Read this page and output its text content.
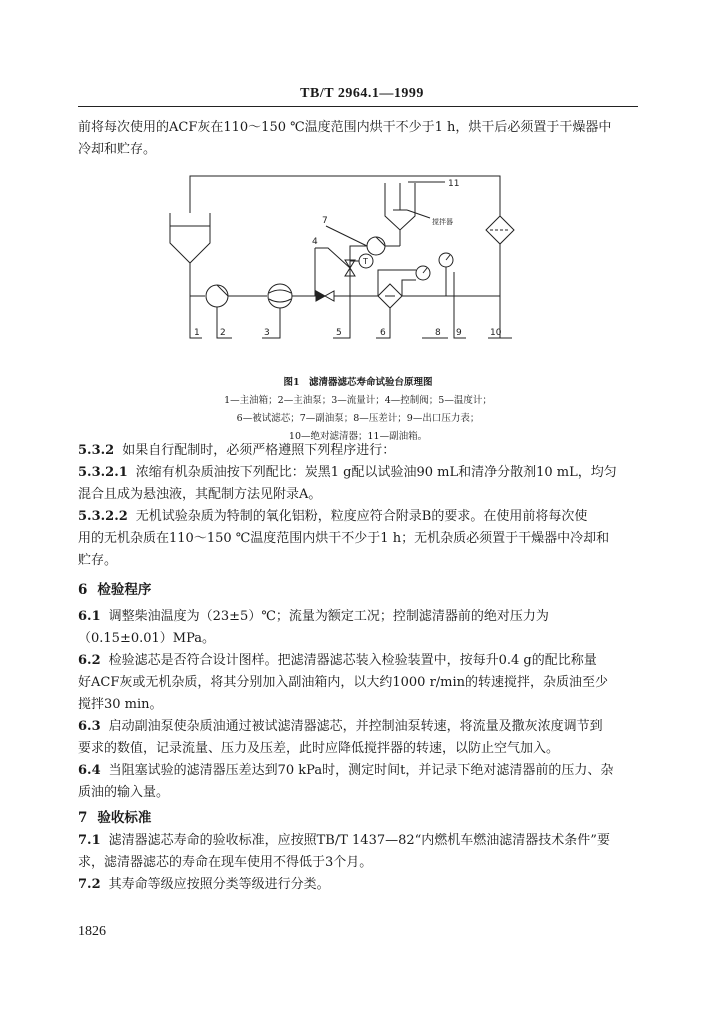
TB/T 2964.1—1999
前将每次使用的ACF灰在110～150 ℃温度范围内烘干不少于1 h，烘干后必须置于干燥器中
冷却和贮存。
1 2	3
4
5	6
7
8 9	10
11
搅拌器
T
图1　滤清器滤芯寿命试验台原理图
1—主油箱；2—主油泵；3—流量计；4—控制阀；5—温度计；
6—被试滤芯；7—副油泵；8—压差计；9—出口压力表；
10—绝对滤清器；11—副油箱。
5.3.2 如果自行配制时，必须严格遵照下列程序进行：
5.3.2.1 浓缩有机杂质油按下列配比：炭黑1 g配以试验油90 mL和清净分散剂10 mL，均匀
混合且成为悬浊液，其配制方法见附录A。
5.3.2.2 无机试验杂质为特制的氧化铝粉，粒度应符合附录B的要求。在使用前将每次使
用的无机杂质在110～150 ℃温度范围内烘干不少于1 h；无机杂质必须置于干燥器中冷却和
贮存。
6 检验程序
6.1 调整柴油温度为（23±5）℃；流量为额定工况；控制滤清器前的绝对压力为
（0.15±0.01）MPa。
6.2 检验滤芯是否符合设计图样。把滤清器滤芯装入检验装置中，按每升0.4 g的配比称量
好ACF灰或无机杂质，将其分别加入副油箱内，以大约1000 r/min的转速搅拌，杂质油至少
搅拌30 min。
6.3 启动副油泵使杂质油通过被试滤清器滤芯，并控制油泵转速，将流量及撒灰浓度调节到
要求的数值，记录流量、压力及压差，此时应降低搅拌器的转速，以防止空气加入。
6.4 当阻塞试验的滤清器压差达到70 kPa时，测定时间t，并记录下绝对滤清器前的压力、杂
质油的输入量。
7 验收标准
7.1 滤清器滤芯寿命的验收标准，应按照TB/T 1437—82“内燃机车燃油滤清器技术条件”要
求，滤清器滤芯的寿命在现车使用不得低于3个月。
7.2 其寿命等级应按照分类等级进行分类。
1826
